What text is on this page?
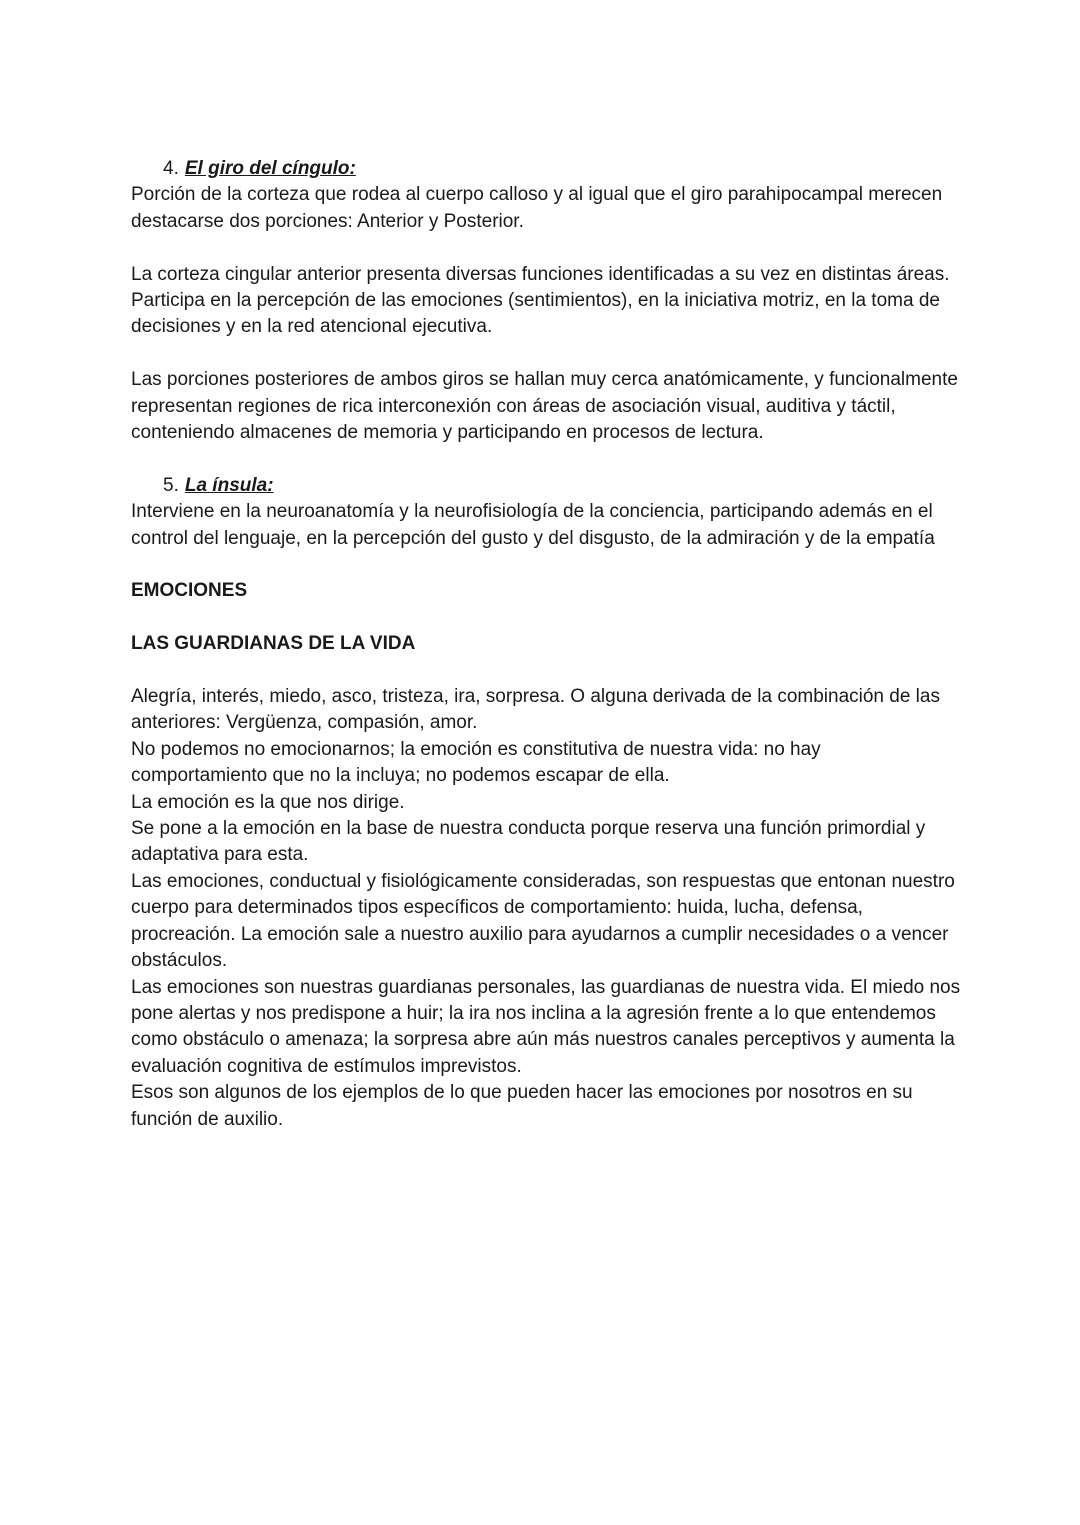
4. El giro del cíngulo:

Porción de la corteza que rodea al cuerpo calloso y al igual que el giro parahipocampal merecen destacarse dos porciones: Anterior y Posterior.

La corteza cingular anterior presenta diversas funciones identificadas a su vez en distintas áreas. Participa en la percepción de las emociones (sentimientos), en la iniciativa motriz, en la toma de decisiones y en la red atencional ejecutiva.

Las porciones posteriores de ambos giros se hallan muy cerca anatómicamente, y funcionalmente representan regiones de rica interconexión con áreas de asociación visual, auditiva y táctil, conteniendo almacenes de memoria y participando en procesos de lectura.

5. La ínsula:

Interviene en la neuroanatomía y la neurofisiología de la conciencia, participando además en el control del lenguaje, en la percepción del gusto y del disgusto, de la admiración y de la empatía

EMOCIONES

LAS GUARDIANAS DE LA VIDA

Alegría, interés, miedo, asco, tristeza, ira, sorpresa. O alguna derivada de la combinación de las anteriores: Vergüenza, compasión, amor.

No podemos no emocionarnos; la emoción es constitutiva de nuestra vida: no hay comportamiento que no la incluya; no podemos escapar de ella.

La emoción es la que nos dirige.

Se pone a la emoción en la base de nuestra conducta porque reserva una función primordial y adaptativa para esta.

Las emociones, conductual y fisiológicamente consideradas, son respuestas que entonan nuestro cuerpo para determinados tipos específicos de comportamiento: huida, lucha, defensa, procreación. La emoción sale a nuestro auxilio para ayudarnos a cumplir necesidades o a vencer obstáculos.

Las emociones son nuestras guardianas personales, las guardianas de nuestra vida. El miedo nos pone alertas y nos predispone a huir; la ira nos inclina a la agresión frente a lo que entendemos como obstáculo o amenaza; la sorpresa abre aún más nuestros canales perceptivos y aumenta la evaluación cognitiva de estímulos imprevistos.

Esos son algunos de los ejemplos de lo que pueden hacer las emociones por nosotros en su función de auxilio.
